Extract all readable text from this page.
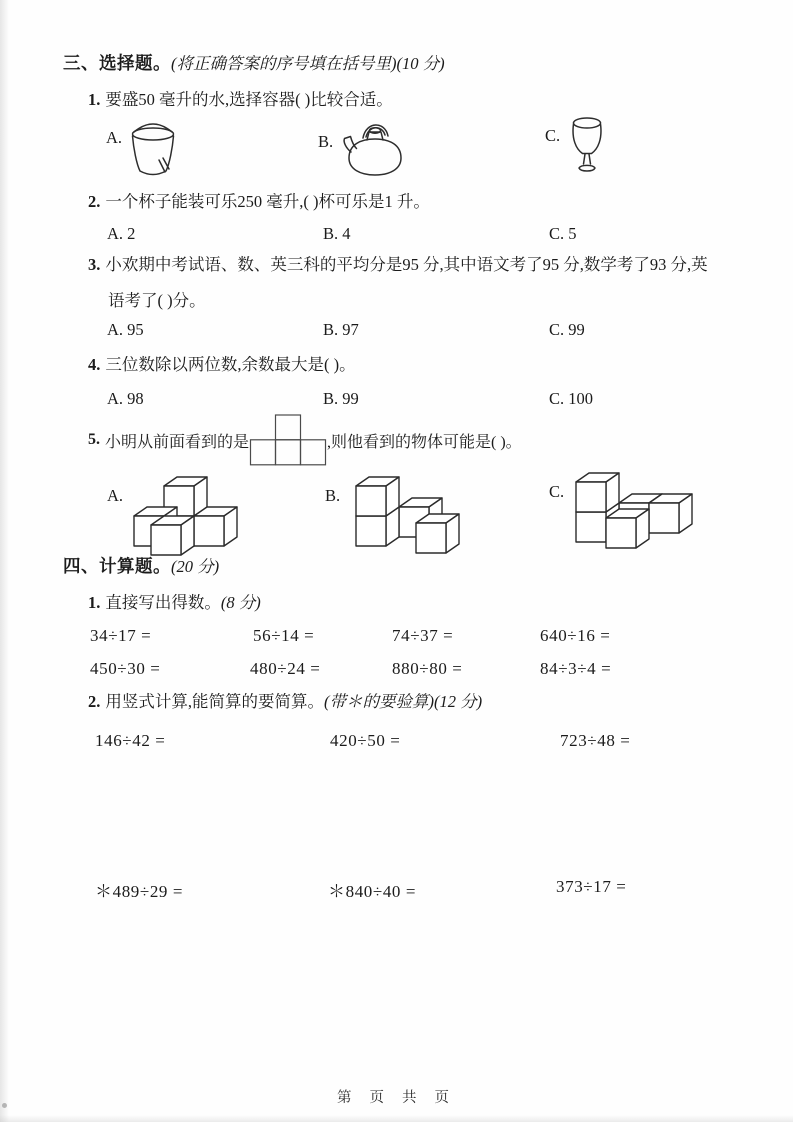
三、选择题。(将正确答案的序号填在括号里)(10 分)
1. 要盛50 毫升的水,选择容器( )比较合适。
A.	B.	C.
2. 一个杯子能装可乐250 毫升,( )杯可乐是1 升。
A. 2	B. 4	C. 5
3. 小欢期中考试语、数、英三科的平均分是95 分,其中语文考了95 分,数学考了93 分,英
语考了( )分。
A. 95	B. 97	C. 99
4. 三位数除以两位数,余数最大是( )。
A. 98	B. 99	C. 100
5. 小明从前面看到的是	,则他看到的物体可能是( )。
A.	B.	C.
四、计算题。(20 分)
1. 直接写出得数。(8 分)
34÷17 =	56÷14 =	74÷37 =	640÷16 =
450÷30 =	480÷24 =	880÷80 =	84÷3÷4 =
2. 用竖式计算,能简算的要简算。(带＊的要验算)(12 分)
146÷42 =	420÷50 =	723÷48 =
＊489÷29 =	＊840÷40 =	373÷17 =
第 页 共 页
